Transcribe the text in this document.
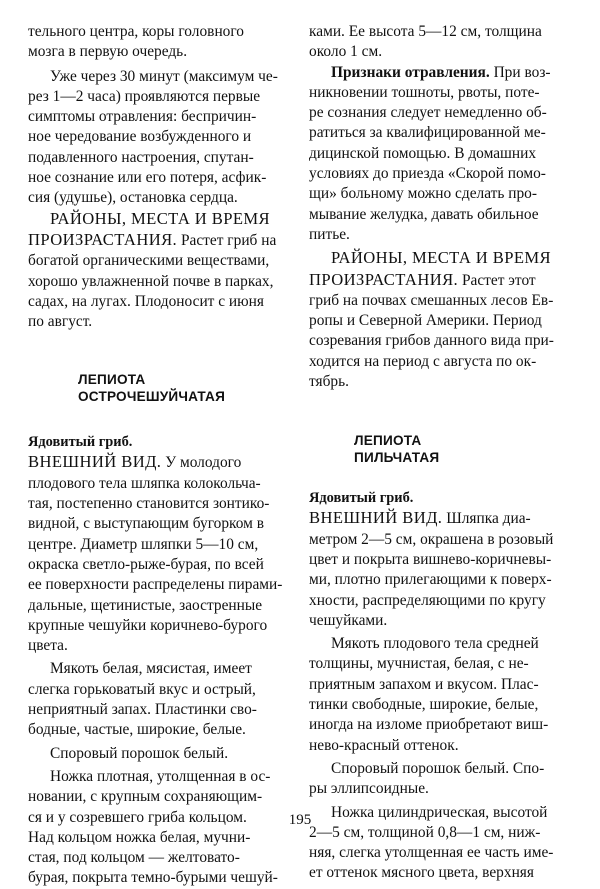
тельного центра, коры головного

мозга в первую очередь.

Уже через 30 минут (максимум че-

рез 1—2 часа) проявляются первые

симптомы отравления: беспричин-

ное чередование возбужденного и

подавленного настроения, спутан-

ное сознание или его потеря, асфик-

сия (удушье), остановка сердца.

РАЙОНЫ, МЕСТА И ВРЕМЯ

ПРОИЗРАСТАНИЯ. Растет гриб на

богатой органическими веществами,

хорошо увлажненной почве в парках,

садах, на лугах. Плодоносит с июня

по август.

ЛЕПИОТА
ОСТРОЧЕШУЙЧАТАЯ
Ядовитый гриб.

ВНЕШНИЙ ВИД. У молодого

плодового тела шляпка колокольча-

тая, постепенно становится зонтико-

видной, с выступающим бугорком в

центре. Диаметр шляпки 5—10 см,

окраска светло-рыже-бурая, по всей

ее поверхности распределены пирами-

дальные, щетинистые, заостренные

крупные чешуйки коричнево-бурого

цвета.

Мякоть белая, мясистая, имеет

слегка горьковатый вкус и острый,

неприятный запах. Пластинки сво-

бодные, частые, широкие, белые.

Споровый порошок белый.

Ножка плотная, утолщенная в ос-

новании, с крупным сохраняющим-

ся и у созревшего гриба кольцом.

Над кольцом ножка белая, мучни-

стая, под кольцом — желтовато-

бурая, покрыта темно-бурыми чешуй-

ками. Ее высота 5—12 см, толщина

около 1 см.

Признаки отравления. При воз-

никновении тошноты, рвоты, поте-

ре сознания следует немедленно об-

ратиться за квалифицированной ме-

дицинской помощью. В домашних

условиях до приезда «Скорой помо-

щи» больному можно сделать про-

мывание желудка, давать обильное

питье.

РАЙОНЫ, МЕСТА И ВРЕМЯ

ПРОИЗРАСТАНИЯ. Растет этот

гриб на почвах смешанных лесов Ев-

ропы и Северной Америки. Период

созревания грибов данного вида при-

ходится на период с августа по ок-

тябрь.

ЛЕПИОТА
ПИЛЬЧАТАЯ
Ядовитый гриб.

ВНЕШНИЙ ВИД. Шляпка диа-

метром 2—5 см, окрашена в розовый

цвет и покрыта вишнево-коричневы-

ми, плотно прилегающими к поверх-

хности, распределяющими по кругу

чешуйками.

Мякоть плодового тела средней

толщины, мучнистая, белая, с не-

приятным запахом и вкусом. Плас-

тинки свободные, широкие, белые,

иногда на изломе приобретают виш-

нево-красный оттенок.

Споровый порошок белый. Спо-

ры эллипсоидные.

Ножка цилиндрическая, высотой

2—5 см, толщиной 0,8—1 см, ниж-

няя, слегка утолщенная ее часть име-

ет оттенок мясного цвета, верхняя

195
